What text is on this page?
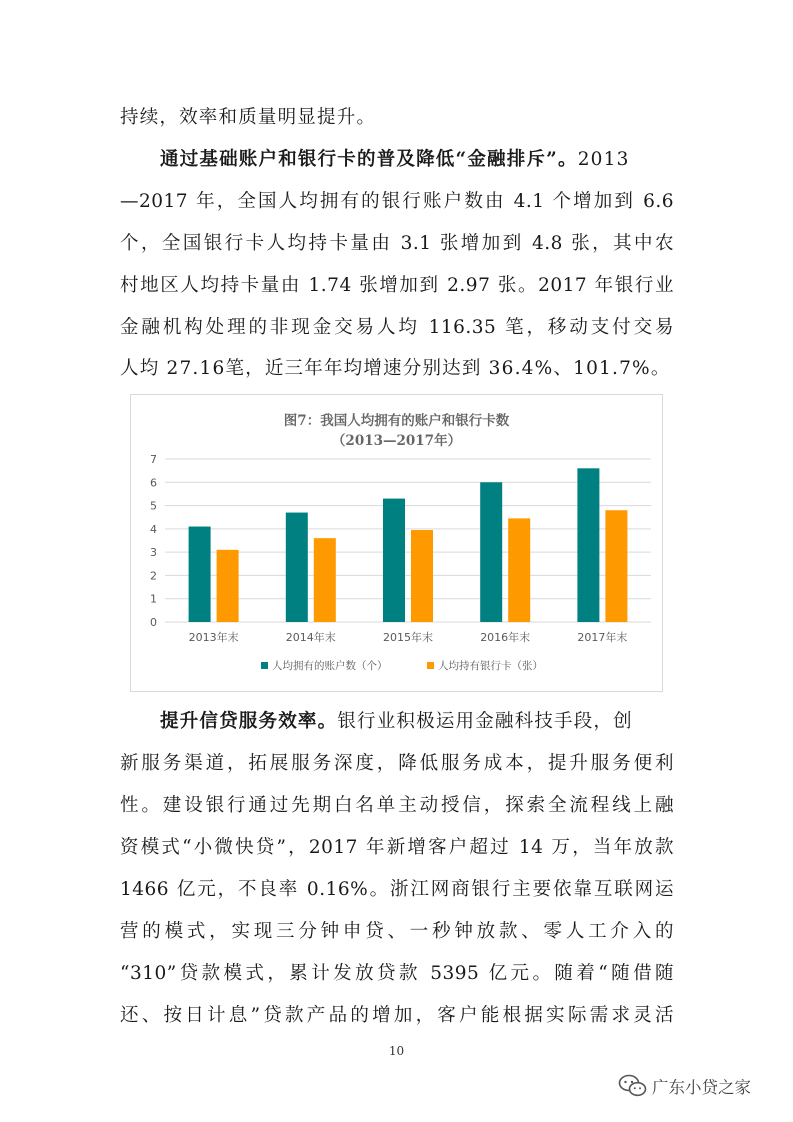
持续，效率和质量明显提升。
通过基础账户和银行卡的普及降低“金融排斥”。2013
—2017 年，全国人均拥有的银行账户数由 4.1 个增加到 6.6
个，全国银行卡人均持卡量由 3.1 张增加到 4.8 张，其中农
村地区人均持卡量由 1.74 张增加到 2.97 张。2017 年银行业
金融机构处理的非现金交易人均 116.35 笔，移动支付交易
人均 27.16笔，近三年年均增速分别达到 36.4%、101.7%。
图7：我国人均拥有的账户和银行卡数
（2013—2017年）
0
1
2
3
4
5
6
7
2013年末	2014年末	2015年末	2016年末	2017年末
人均拥有的账户数（个）	人均持有银行卡（张）
提升信贷服务效率。银行业积极运用金融科技手段，创
新服务渠道，拓展服务深度，降低服务成本，提升服务便利
性。建设银行通过先期白名单主动授信，探索全流程线上融
资模式“小微快贷”，2017 年新增客户超过 14 万，当年放款
1466 亿元，不良率 0.16%。浙江网商银行主要依靠互联网运
营的模式，实现三分钟申贷、一秒钟放款、零人工介入的
“310”贷款模式，累计发放贷款 5395 亿元。随着“随借随
还、按日计息”贷款产品的增加，客户能根据实际需求灵活
10
广东小贷之家
